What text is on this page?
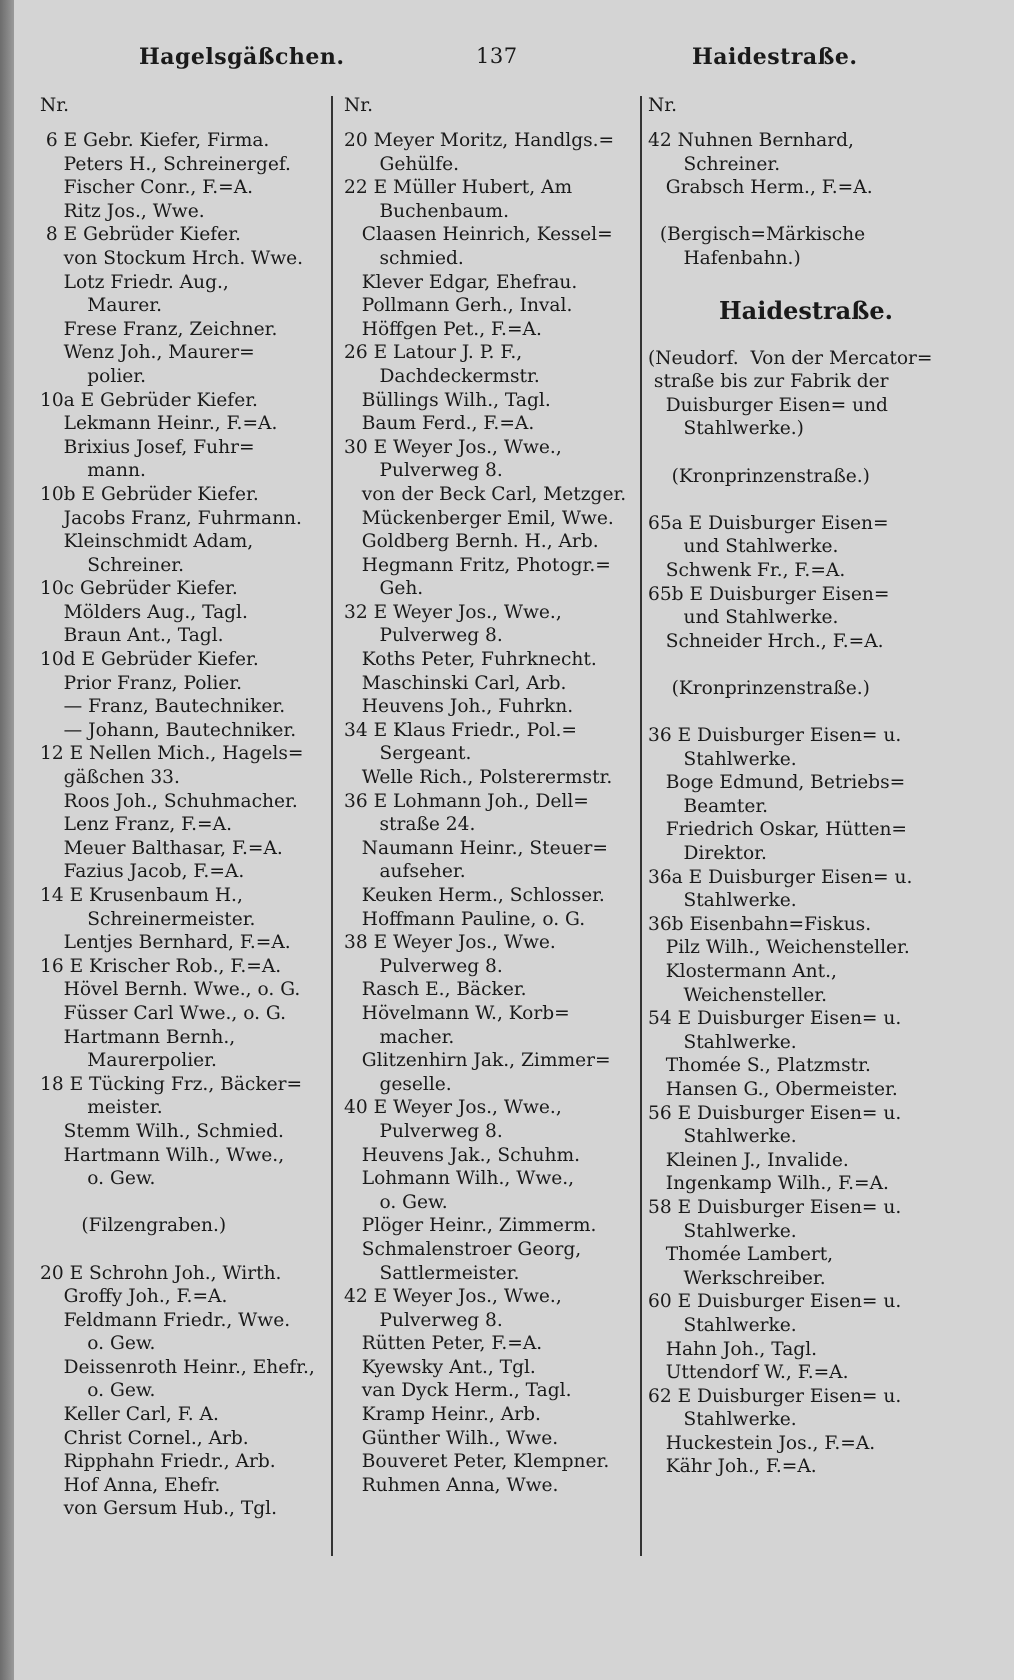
Hagelsgäßchen.	137	Haidestraße.
Nr.
6 E Gebr. Kiefer, Firma.
Peters H., Schreinergef.
Fischer Conr., F.=A.
Ritz Jos., Wwe.
8 E Gebrüder Kiefer.
von Stockum Hrch. Wwe.
Lotz Friedr. Aug.,
Maurer.
Frese Franz, Zeichner.
Wenz Joh., Maurer=
polier.
10a E Gebrüder Kiefer.
Lekmann Heinr., F.=A.
Brixius Josef, Fuhr=
mann.
10b E Gebrüder Kiefer.
Jacobs Franz, Fuhrmann.
Kleinschmidt Adam,
Schreiner.
10c Gebrüder Kiefer.
Mölders Aug., Tagl.
Braun Ant., Tagl.
10d E Gebrüder Kiefer.
Prior Franz, Polier.
— Franz, Bautechniker.
— Johann, Bautechniker.
12 E Nellen Mich., Hagels=
gäßchen 33.
Roos Joh., Schuhmacher.
Lenz Franz, F.=A.
Meuer Balthasar, F.=A.
Fazius Jacob, F.=A.
14 E Krusenbaum H.,
Schreinermeister.
Lentjes Bernhard, F.=A.
16 E Krischer Rob., F.=A.
Hövel Bernh. Wwe., o. G.
Füsser Carl Wwe., o. G.
Hartmann Bernh.,
Maurerpolier.
18 E Tücking Frz., Bäcker=
meister.
Stemm Wilh., Schmied.
Hartmann Wilh., Wwe.,
o. Gew.
(Filzengraben.)
20 E Schrohn Joh., Wirth.
Groffy Joh., F.=A.
Feldmann Friedr., Wwe.
o. Gew.
Deissenroth Heinr., Ehefr.,
o. Gew.
Keller Carl, F. A.
Christ Cornel., Arb.
Ripphahn Friedr., Arb.
Hof Anna, Ehefr.
von Gersum Hub., Tgl.
Nr.
20 Meyer Moritz, Handlgs.=
Gehülfe.
22 E Müller Hubert, Am
Buchenbaum.
Claasen Heinrich, Kessel=
schmied.
Klever Edgar, Ehefrau.
Pollmann Gerh., Inval.
Höffgen Pet., F.=A.
26 E Latour J. P. F.,
Dachdeckermstr.
Büllings Wilh., Tagl.
Baum Ferd., F.=A.
30 E Weyer Jos., Wwe.,
Pulverweg 8.
von der Beck Carl, Metzger.
Mückenberger Emil, Wwe.
Goldberg Bernh. H., Arb.
Hegmann Fritz, Photogr.=
Geh.
32 E Weyer Jos., Wwe.,
Pulverweg 8.
Koths Peter, Fuhrknecht.
Maschinski Carl, Arb.
Heuvens Joh., Fuhrkn.
34 E Klaus Friedr., Pol.=
Sergeant.
Welle Rich., Polsterermstr.
36 E Lohmann Joh., Dell=
straße 24.
Naumann Heinr., Steuer=
aufseher.
Keuken Herm., Schlosser.
Hoffmann Pauline, o. G.
38 E Weyer Jos., Wwe.
Pulverweg 8.
Rasch E., Bäcker.
Hövelmann W., Korb=
macher.
Glitzenhirn Jak., Zimmer=
geselle.
40 E Weyer Jos., Wwe.,
Pulverweg 8.
Heuvens Jak., Schuhm.
Lohmann Wilh., Wwe.,
o. Gew.
Plöger Heinr., Zimmerm.
Schmalenstroer Georg,
Sattlermeister.
42 E Weyer Jos., Wwe.,
Pulverweg 8.
Rütten Peter, F.=A.
Kyewsky Ant., Tgl.
van Dyck Herm., Tagl.
Kramp Heinr., Arb.
Günther Wilh., Wwe.
Bouveret Peter, Klempner.
Ruhmen Anna, Wwe.
Nr.
42 Nuhnen Bernhard,
Schreiner.
Grabsch Herm., F.=A.
(Bergisch=Märkische
Hafenbahn.)
Haidestraße.
(Neudorf.  Von der Mercator=
straße bis zur Fabrik der
Duisburger Eisen= und
Stahlwerke.)
(Kronprinzenstraße.)
65a E Duisburger Eisen=
und Stahlwerke.
Schwenk Fr., F.=A.
65b E Duisburger Eisen=
und Stahlwerke.
Schneider Hrch., F.=A.
(Kronprinzenstraße.)
36 E Duisburger Eisen= u.
Stahlwerke.
Boge Edmund, Betriebs=
Beamter.
Friedrich Oskar, Hütten=
Direktor.
36a E Duisburger Eisen= u.
Stahlwerke.
36b Eisenbahn=Fiskus.
Pilz Wilh., Weichensteller.
Klostermann Ant.,
Weichensteller.
54 E Duisburger Eisen= u.
Stahlwerke.
Thomée S., Platzmstr.
Hansen G., Obermeister.
56 E Duisburger Eisen= u.
Stahlwerke.
Kleinen J., Invalide.
Ingenkamp Wilh., F.=A.
58 E Duisburger Eisen= u.
Stahlwerke.
Thomée Lambert,
Werkschreiber.
60 E Duisburger Eisen= u.
Stahlwerke.
Hahn Joh., Tagl.
Uttendorf W., F.=A.
62 E Duisburger Eisen= u.
Stahlwerke.
Huckestein Jos., F.=A.
Kähr Joh., F.=A.
